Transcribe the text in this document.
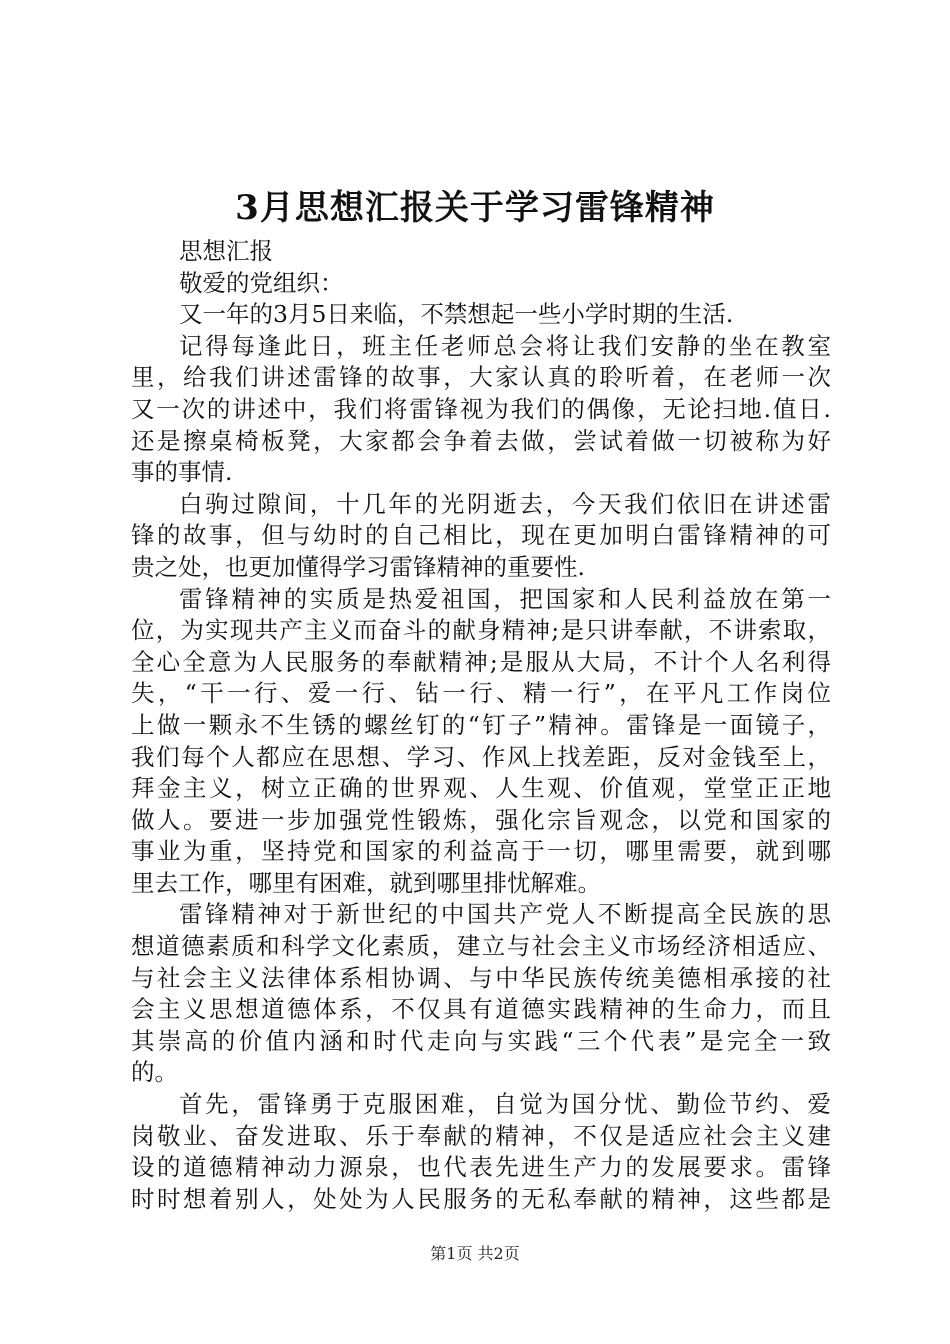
3月思想汇报关于学习雷锋精神
思想汇报
敬爱的党组织：
又一年的3月5日来临，不禁想起一些小学时期的生活.
记得每逢此日，班主任老师总会将让我们安静的坐在教室
里，给我们讲述雷锋的故事，大家认真的聆听着，在老师一次
又一次的讲述中，我们将雷锋视为我们的偶像，无论扫地.值日.
还是擦桌椅板凳，大家都会争着去做，尝试着做一切被称为好
事的事情.
白驹过隙间，十几年的光阴逝去，今天我们依旧在讲述雷
锋的故事，但与幼时的自己相比，现在更加明白雷锋精神的可
贵之处，也更加懂得学习雷锋精神的重要性.
雷锋精神的实质是热爱祖国，把国家和人民利益放在第一
位，为实现共产主义而奋斗的献身精神;是只讲奉献，不讲索取，
全心全意为人民服务的奉献精神;是服从大局，不计个人名利得
失，“干一行、爱一行、钻一行、精一行”，在平凡工作岗位
上做一颗永不生锈的螺丝钉的“钉子”精神。雷锋是一面镜子，
我们每个人都应在思想、学习、作风上找差距，反对金钱至上，
拜金主义，树立正确的世界观、人生观、价值观，堂堂正正地
做人。要进一步加强党性锻炼，强化宗旨观念，以党和国家的
事业为重，坚持党和国家的利益高于一切，哪里需要，就到哪
里去工作，哪里有困难，就到哪里排忧解难。
雷锋精神对于新世纪的中国共产党人不断提高全民族的思
想道德素质和科学文化素质，建立与社会主义市场经济相适应、
与社会主义法律体系相协调、与中华民族传统美德相承接的社
会主义思想道德体系，不仅具有道德实践精神的生命力，而且
其崇高的价值内涵和时代走向与实践“三个代表”是完全一致
的。
首先，雷锋勇于克服困难，自觉为国分忧、勤俭节约、爱
岗敬业、奋发进取、乐于奉献的精神，不仅是适应社会主义建
设的道德精神动力源泉，也代表先进生产力的发展要求。雷锋
时时想着别人，处处为人民服务的无私奉献的精神，这些都是
第1页 共2页
